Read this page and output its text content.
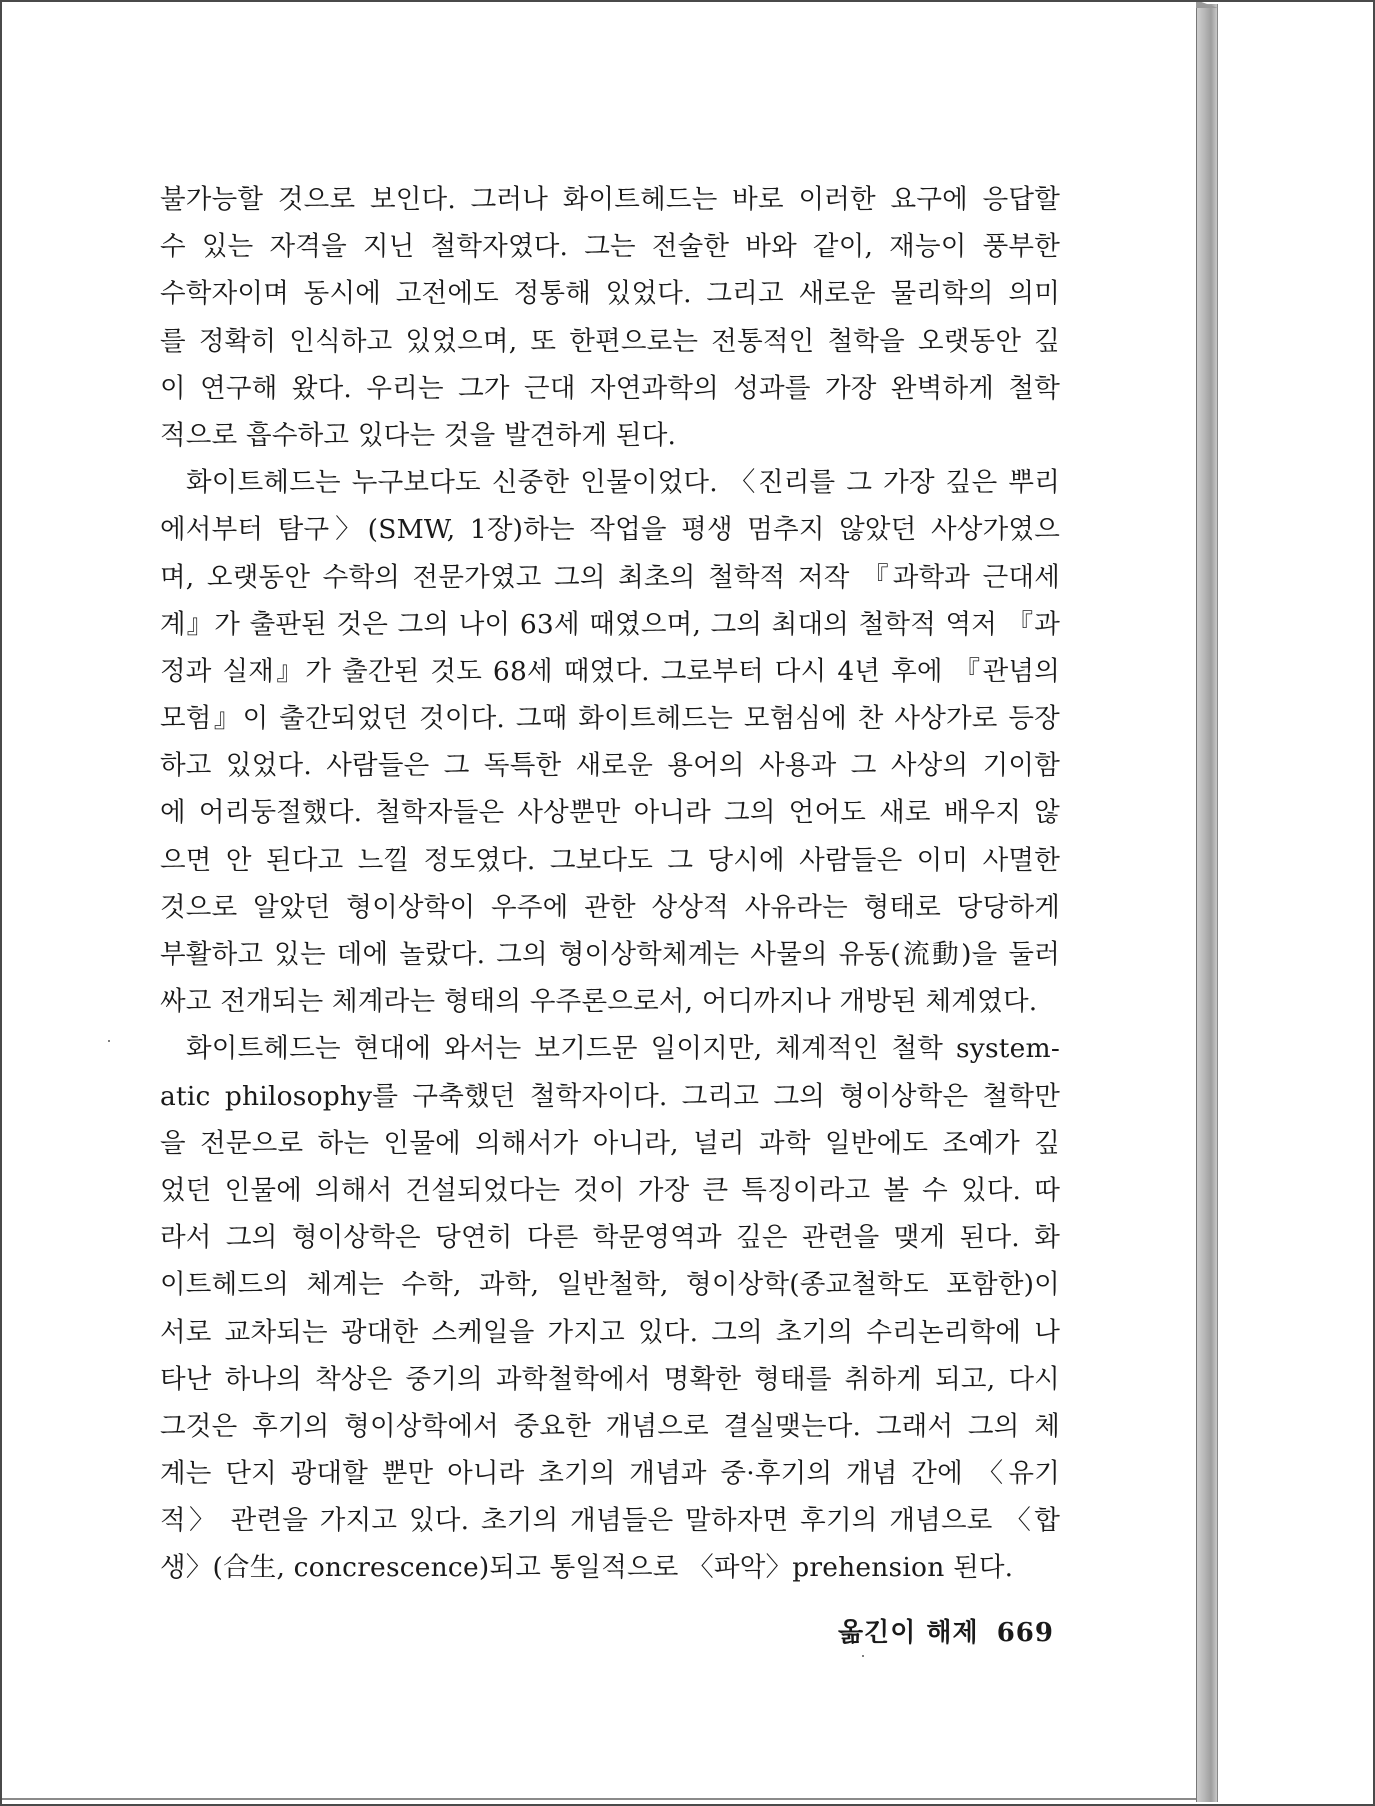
불가능할 것으로 보인다. 그러나 화이트헤드는 바로 이러한 요구에 응답할
수 있는 자격을 지닌 철학자였다. 그는 전술한 바와 같이, 재능이 풍부한
수학자이며 동시에 고전에도 정통해 있었다. 그리고 새로운 물리학의 의미
를 정확히 인식하고 있었으며, 또 한편으로는 전통적인 철학을 오랫동안 깊
이 연구해 왔다. 우리는 그가 근대 자연과학의 성과를 가장 완벽하게 철학
적으로 흡수하고 있다는 것을 발견하게 된다.
화이트헤드는 누구보다도 신중한 인물이었다. 〈진리를 그 가장 깊은 뿌리
에서부터 탐구〉(SMW, 1장)하는 작업을 평생 멈추지 않았던 사상가였으
며, 오랫동안 수학의 전문가였고 그의 최초의 철학적 저작 『과학과 근대세
계』가 출판된 것은 그의 나이 63세 때였으며, 그의 최대의 철학적 역저 『과
정과 실재』가 출간된 것도 68세 때였다. 그로부터 다시 4년 후에 『관념의
모험』이 출간되었던 것이다. 그때 화이트헤드는 모험심에 찬 사상가로 등장
하고 있었다. 사람들은 그 독특한 새로운 용어의 사용과 그 사상의 기이함
에 어리둥절했다. 철학자들은 사상뿐만 아니라 그의 언어도 새로 배우지 않
으면 안 된다고 느낄 정도였다. 그보다도 그 당시에 사람들은 이미 사멸한
것으로 알았던 형이상학이 우주에 관한 상상적 사유라는 형태로 당당하게
부활하고 있는 데에 놀랐다. 그의 형이상학체계는 사물의 유동(流動)을 둘러
싸고 전개되는 체계라는 형태의 우주론으로서, 어디까지나 개방된 체계였다.
화이트헤드는 현대에 와서는 보기드문 일이지만, 체계적인 철학 system-
atic philosophy를 구축했던 철학자이다. 그리고 그의 형이상학은 철학만
을 전문으로 하는 인물에 의해서가 아니라, 널리 과학 일반에도 조예가 깊
었던 인물에 의해서 건설되었다는 것이 가장 큰 특징이라고 볼 수 있다. 따
라서 그의 형이상학은 당연히 다른 학문영역과 깊은 관련을 맺게 된다. 화
이트헤드의 체계는 수학, 과학, 일반철학, 형이상학(종교철학도 포함한)이
서로 교차되는 광대한 스케일을 가지고 있다. 그의 초기의 수리논리학에 나
타난 하나의 착상은 중기의 과학철학에서 명확한 형태를 취하게 되고, 다시
그것은 후기의 형이상학에서 중요한 개념으로 결실맺는다. 그래서 그의 체
계는 단지 광대할 뿐만 아니라 초기의 개념과 중·후기의 개념 간에 〈유기
적〉 관련을 가지고 있다. 초기의 개념들은 말하자면 후기의 개념으로 〈합
생〉(合生, concrescence)되고 통일적으로 〈파악〉prehension 된다.
옮긴이 해제 669
